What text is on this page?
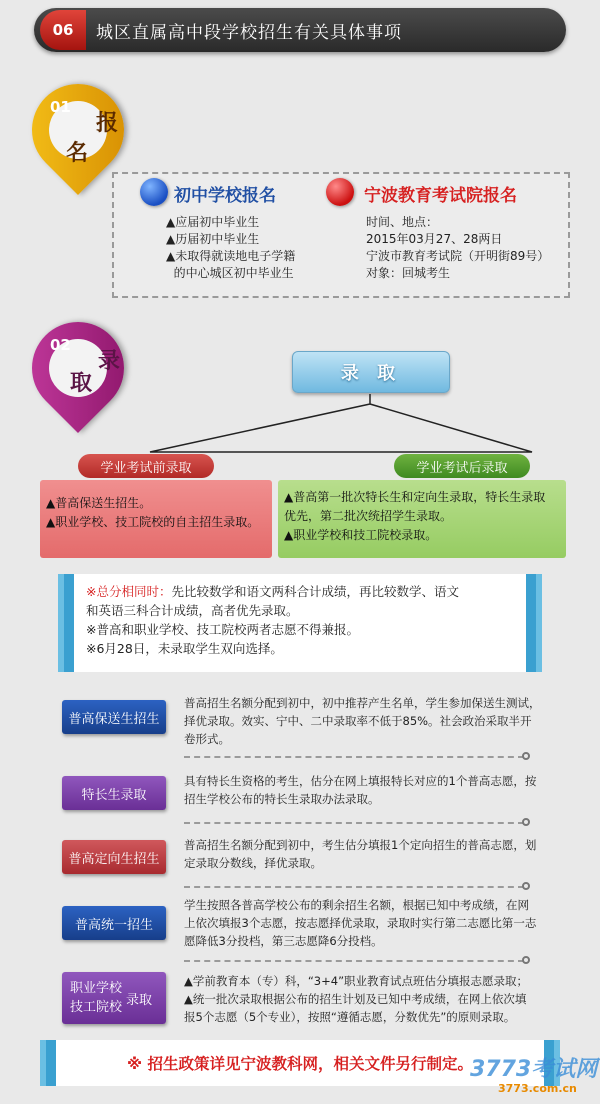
06	城区直属高中段学校招生有关具体事项
01
报
名
初中学校报名
▲应届初中毕业生
▲历届初中毕业生
▲未取得就读地电子学籍
的中心城区初中毕业生
宁波教育考试院报名
时间、地点：
2015年03月27、28两日
宁波市教育考试院（开明街89号）
对象：回城考生
02
录
取	录 取
学业考试前录取	学业考试后录取
▲普高保送生招生。
▲职业学校、技工院校的自主招生录取。
▲普高第一批次特长生和定向生录取，特长生录取
优先，第二批次统招学生录取。
▲职业学校和技工院校录取。
※总分相同时：先比较数学和语文两科合计成绩，再比较数学、语文
和英语三科合计成绩，高者优先录取。
※普高和职业学校、技工院校两者志愿不得兼报。
※6月28日，未录取学生双向选择。
普高保送生招生
普高招生名额分配到初中，初中推荐产生名单，学生参加保送生测试，
择优录取。效实、宁中、二中录取率不低于85%。社会政治采取半开
卷形式。
特长生录取
具有特长生资格的考生，估分在网上填报特长对应的1个普高志愿，按
招生学校公布的特长生录取办法录取。
普高定向生招生
普高招生名额分配到初中，考生估分填报1个定向招生的普高志愿，划
定录取分数线，择优录取。
普高统一招生
学生按照各普高学校公布的剩余招生名额，根据已知中考成绩，在网
上依次填报3个志愿，按志愿择优录取，录取时实行第二志愿比第一志
愿降低3分投档，第三志愿降6分投档。
职业学校
技工院校 录取
▲学前教育本（专）科，“3+4”职业教育试点班估分填报志愿录取；
▲统一批次录取根据公布的招生计划及已知中考成绩，在网上依次填
报5个志愿（5个专业），按照“遵循志愿，分数优先”的原则录取。
※ 招生政策详见宁波教科网，相关文件另行制定。
3773考试网
3773.com.cn
